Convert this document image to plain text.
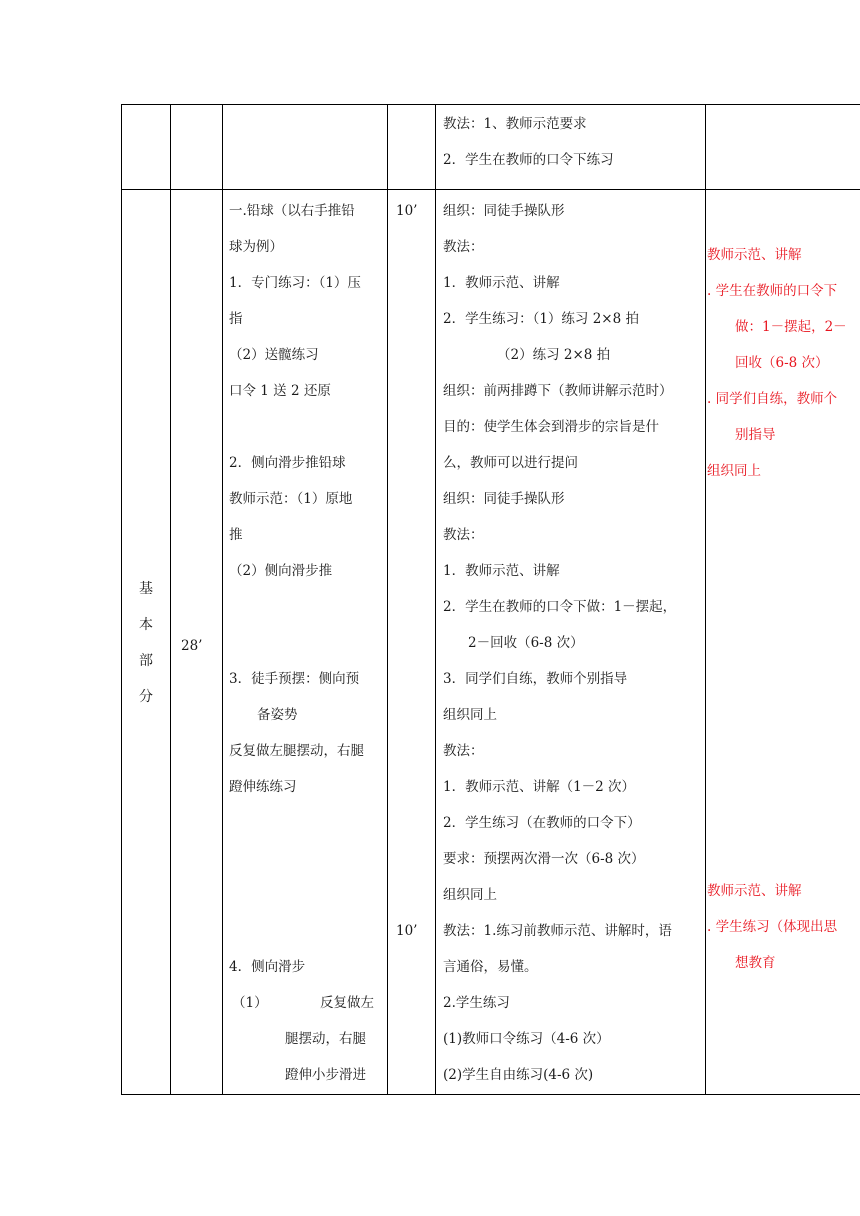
教法：1、教师示范要求
2．学生在教师的口令下练习
基
本
部
分
28’
一.铅球（以右手推铅
球为例）
1．专门练习：（1）压
指
（2）送髋练习
口令 1 送 2 还原
2．侧向滑步推铅球
教师示范：（1）原地
推
（2）侧向滑步推
3．徒手预摆：侧向预
备姿势
反复做左腿摆动，右腿
蹬伸练练习
4．侧向滑步
（1）	反复做左
腿摆动，右腿
蹬伸小步滑进
10’
10’
组织：同徒手操队形
教法：
1．教师示范、讲解
2．学生练习：（1）练习 2×8 拍
（2）练习 2×8 拍
组织：前两排蹲下（教师讲解示范时）
目的：使学生体会到滑步的宗旨是什
么，教师可以进行提问
组织：同徒手操队形
教法：
1．教师示范、讲解
2．学生在教师的口令下做：1－摆起，
2－回收（6-8 次）
3．同学们自练，教师个别指导
组织同上
教法：
1．教师示范、讲解（1－2 次）
2．学生练习（在教师的口令下）
要求：预摆两次滑一次（6-8 次）
组织同上
教法：1.练习前教师示范、讲解时，语
言通俗，易懂。
2.学生练习
(1)教师口令练习（4-6 次）
(2)学生自由练习(4-6 次)
教师示范、讲解
. 学生在教师的口令下
做：1－摆起，2－
回收（6-8 次）
. 同学们自练，教师个
别指导
组织同上
教师示范、讲解
. 学生练习（体现出思
想教育
